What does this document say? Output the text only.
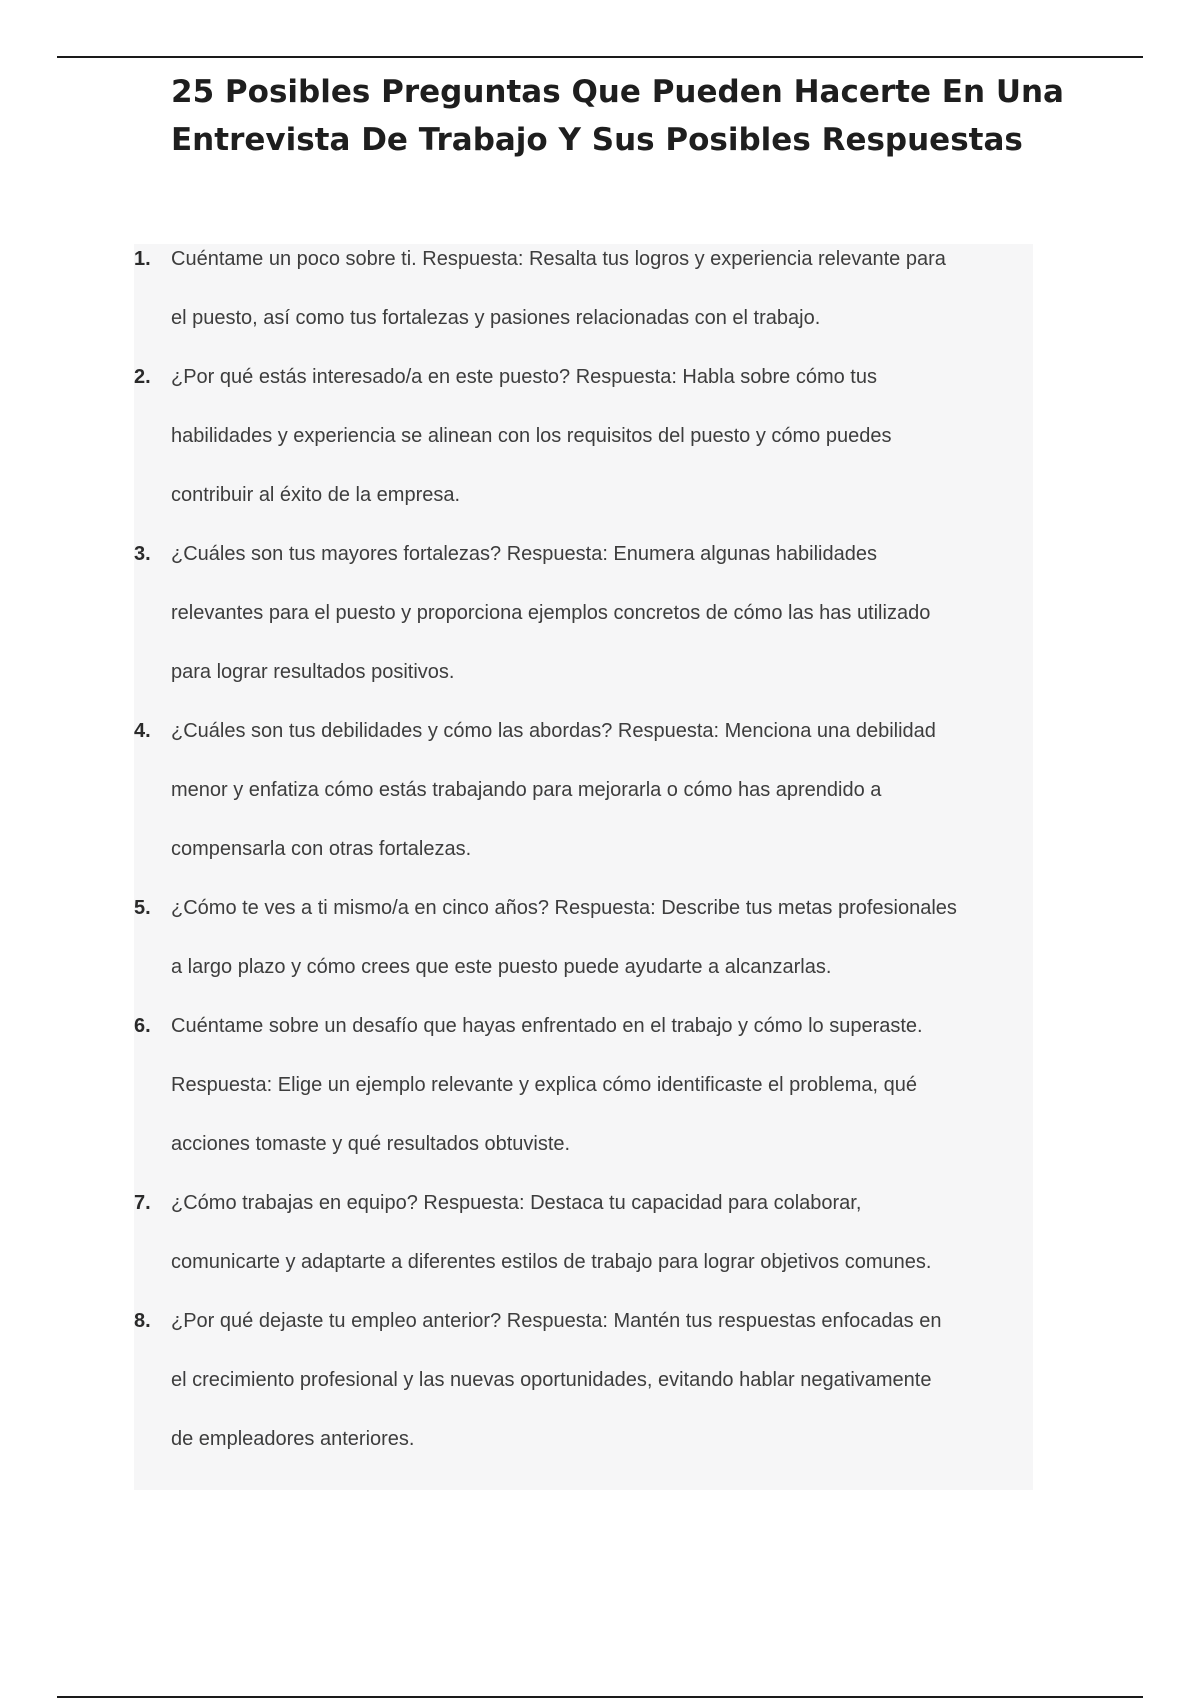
25 Posibles Preguntas Que Pueden Hacerte En Una
Entrevista De Trabajo Y Sus Posibles Respuestas
1.	Cuéntame un poco sobre ti. Respuesta: Resalta tus logros y experiencia relevante para
el puesto, así como tus fortalezas y pasiones relacionadas con el trabajo.
2.	¿Por qué estás interesado/a en este puesto? Respuesta: Habla sobre cómo tus
habilidades y experiencia se alinean con los requisitos del puesto y cómo puedes
contribuir al éxito de la empresa.
3.	¿Cuáles son tus mayores fortalezas? Respuesta: Enumera algunas habilidades
relevantes para el puesto y proporciona ejemplos concretos de cómo las has utilizado
para lograr resultados positivos.
4.	¿Cuáles son tus debilidades y cómo las abordas? Respuesta: Menciona una debilidad
menor y enfatiza cómo estás trabajando para mejorarla o cómo has aprendido a
compensarla con otras fortalezas.
5.	¿Cómo te ves a ti mismo/a en cinco años? Respuesta: Describe tus metas profesionales
a largo plazo y cómo crees que este puesto puede ayudarte a alcanzarlas.
6.	Cuéntame sobre un desafío que hayas enfrentado en el trabajo y cómo lo superaste.
Respuesta: Elige un ejemplo relevante y explica cómo identificaste el problema, qué
acciones tomaste y qué resultados obtuviste.
7.	¿Cómo trabajas en equipo? Respuesta: Destaca tu capacidad para colaborar,
comunicarte y adaptarte a diferentes estilos de trabajo para lograr objetivos comunes.
8.	¿Por qué dejaste tu empleo anterior? Respuesta: Mantén tus respuestas enfocadas en
el crecimiento profesional y las nuevas oportunidades, evitando hablar negativamente
de empleadores anteriores.
